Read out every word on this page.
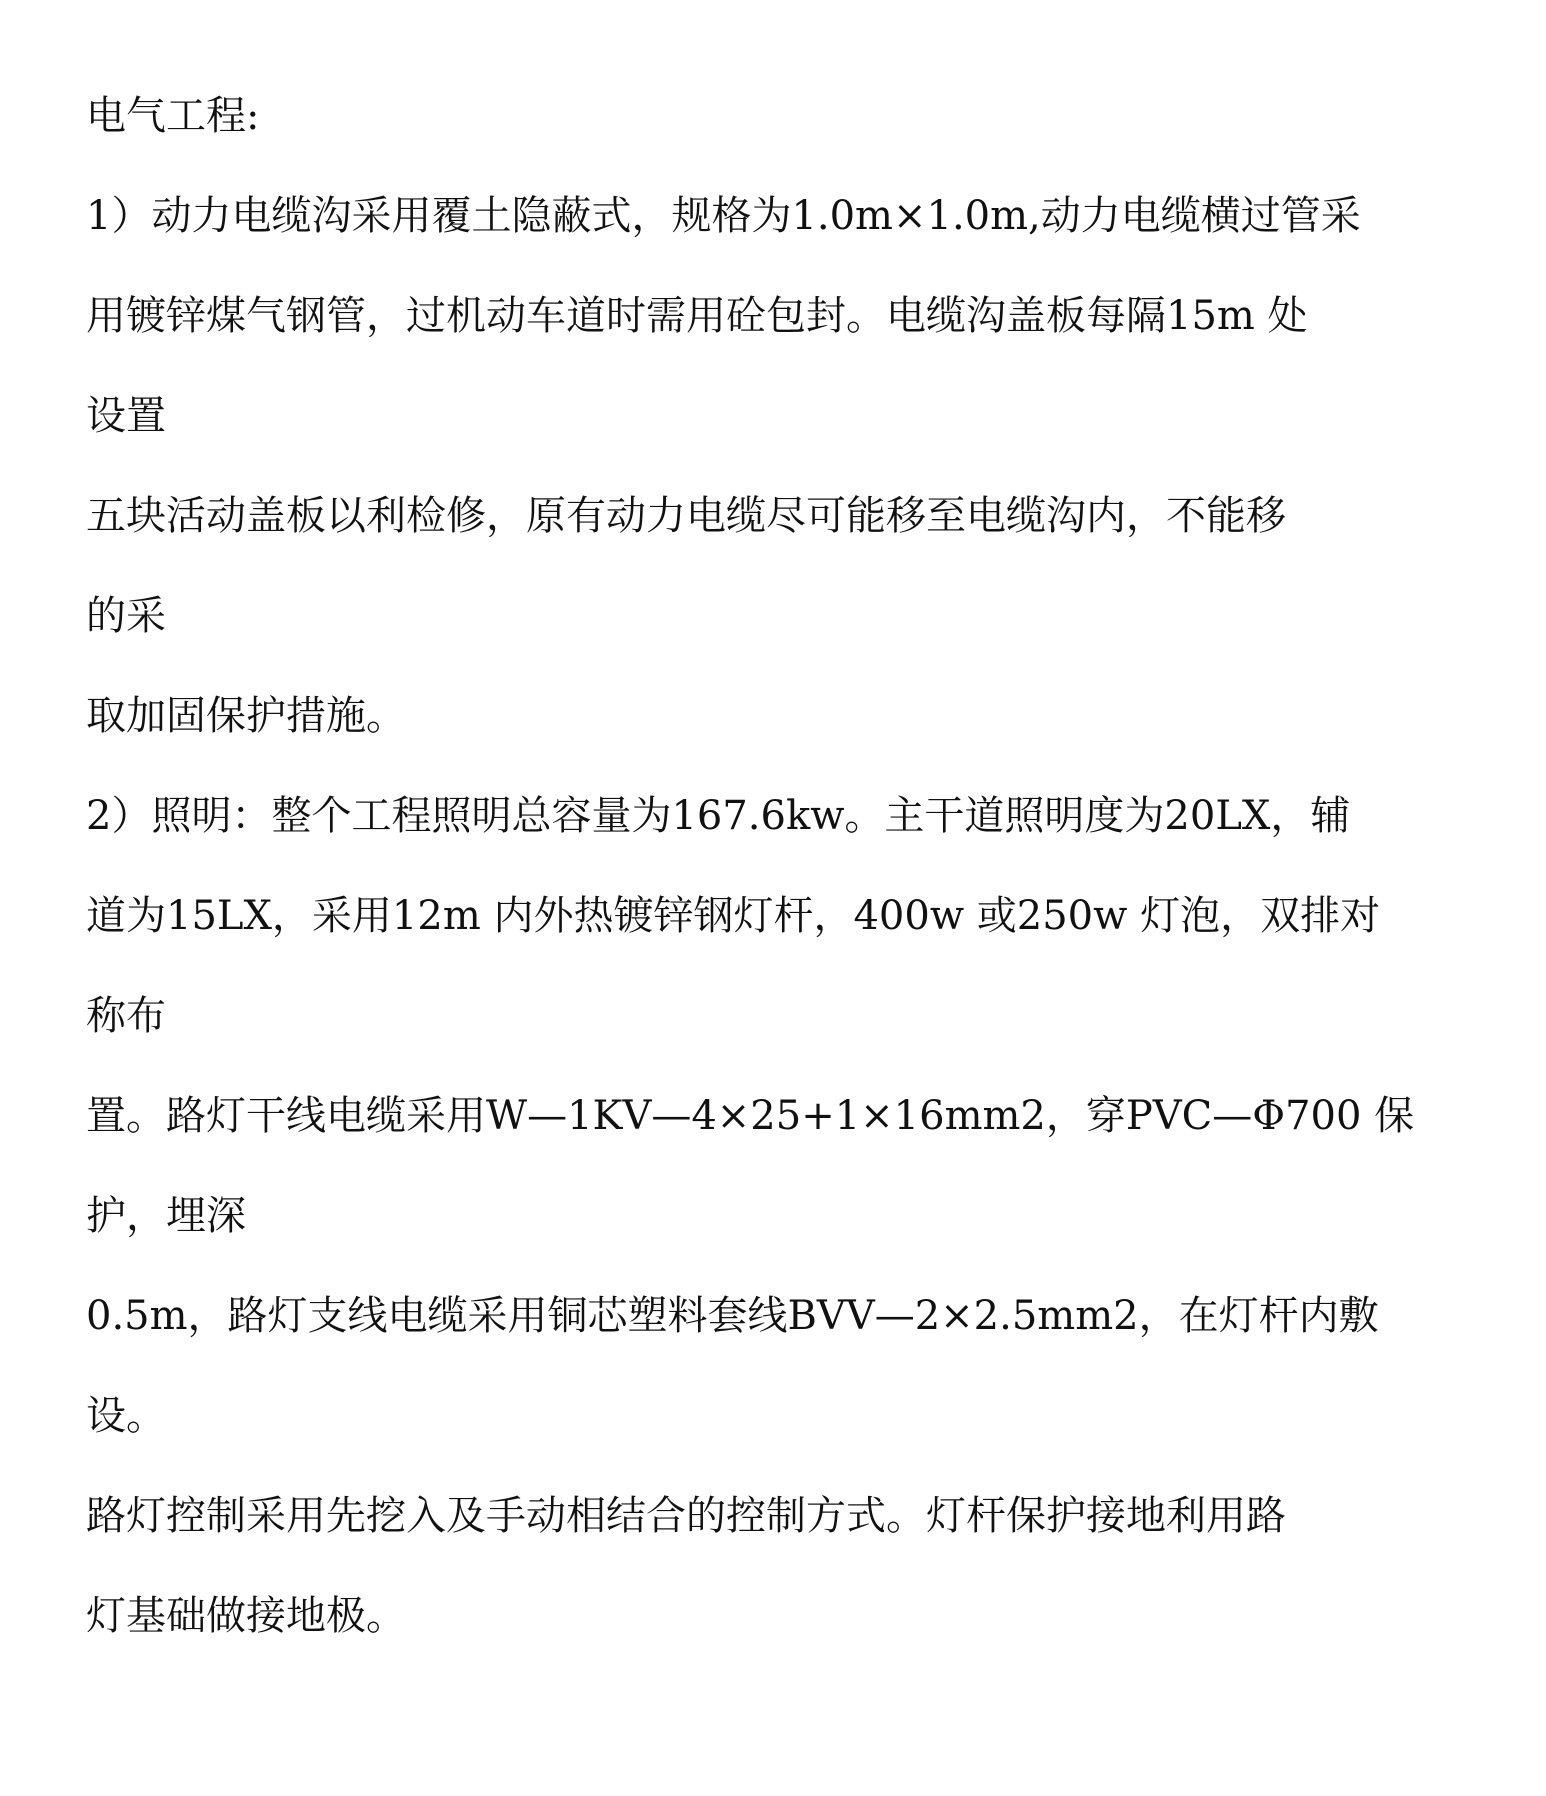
电气工程:
1）动力电缆沟采用覆土隐蔽式，规格为1.0m×1.0m,动力电缆横过管采
用镀锌煤气钢管，过机动车道时需用砼包封。电缆沟盖板每隔15m 处
设置
五块活动盖板以利检修，原有动力电缆尽可能移至电缆沟内，不能移
的采
取加固保护措施。
2）照明：整个工程照明总容量为167.6kw。主干道照明度为20LX，辅
道为15LX，采用12m 内外热镀锌钢灯杆，400w 或250w 灯泡，双排对
称布
置。路灯干线电缆采用W—1KV—4×25+1×16mm2，穿PVC—Φ700 保
护，埋深
0.5m，路灯支线电缆采用铜芯塑料套线BVV—2×2.5mm2，在灯杆内敷
设。
路灯控制采用先挖入及手动相结合的控制方式。灯杆保护接地利用路
灯基础做接地极。
